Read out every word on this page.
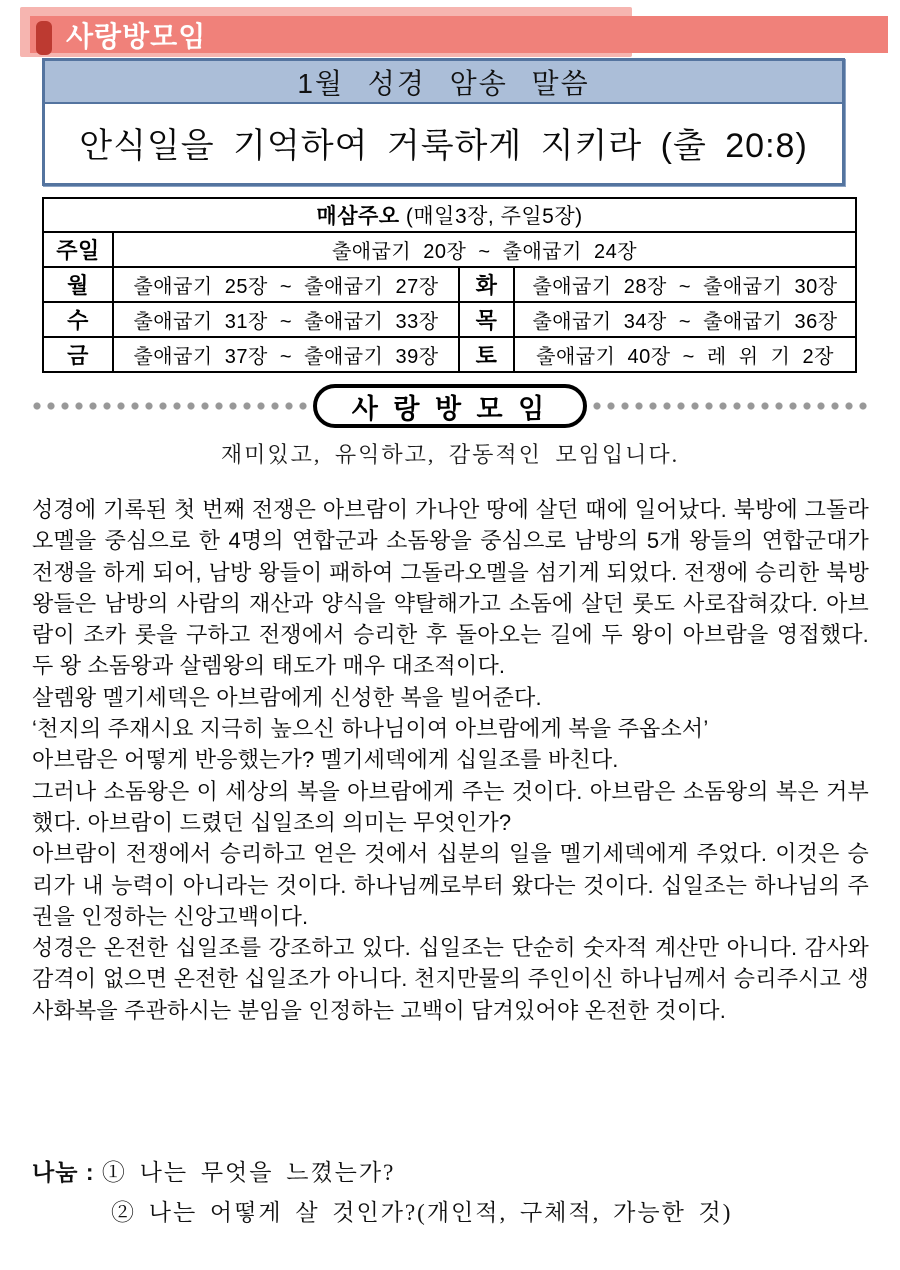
사랑방모임
1월 성경 암송 말씀
안식일을 기억하여 거룩하게 지키라 (출 20:8)
매삼주오 (매일3장, 주일5장)			
주일	출애굽기 20장 ~ 출애굽기 24장		
월	출애굽기 25장 ~ 출애굽기 27장	화	출애굽기 28장 ~ 출애굽기 30장
수	출애굽기 31장 ~ 출애굽기 33장	목	출애굽기 34장 ~ 출애굽기 36장
금	출애굽기 37장 ~ 출애굽기 39장	토	출애굽기 40장 ~ 레 위 기 2장
사 랑 방 모 임
재미있고, 유익하고, 감동적인 모임입니다.

성경에 기록된 첫 번째 전쟁은 아브람이 가나안 땅에 살던 때에 일어났다. 북방에 그돌라오멜을 중심으로 한 4명의 연합군과 소돔왕을 중심으로 남방의 5개 왕들의 연합군대가 전쟁을 하게 되어, 남방 왕들이 패하여 그돌라오멜을 섬기게 되었다. 전쟁에 승리한 북방 왕들은 남방의 사람의 재산과 양식을 약탈해가고 소돔에 살던 롯도 사로잡혀갔다. 아브람이 조카 롯을 구하고 전쟁에서 승리한 후 돌아오는 길에 두 왕이 아브람을 영접했다. 두 왕 소돔왕과 살렘왕의 태도가 매우 대조적이다.

살렘왕 멜기세덱은 아브람에게 신성한 복을 빌어준다.

‘천지의 주재시요 지극히 높으신 하나님이여 아브람에게 복을 주옵소서’

아브람은 어떻게 반응했는가? 멜기세덱에게 십일조를 바친다.

그러나 소돔왕은 이 세상의 복을 아브람에게 주는 것이다. 아브람은 소돔왕의 복은 거부했다. 아브람이 드렸던 십일조의 의미는 무엇인가?

아브람이 전쟁에서 승리하고 얻은 것에서 십분의 일을 멜기세덱에게 주었다. 이것은 승리가 내 능력이 아니라는 것이다. 하나님께로부터 왔다는 것이다. 십일조는 하나님의 주권을 인정하는 신앙고백이다.

성경은 온전한 십일조를 강조하고 있다. 십일조는 단순히 숫자적 계산만 아니다. 감사와 감격이 없으면 온전한 십일조가 아니다. 천지만물의 주인이신 하나님께서 승리주시고 생사화복을 주관하시는 분임을 인정하는 고백이 담겨있어야 온전한 것이다.

나눔 : ① 나는 무엇을 느꼈는가?
② 나는 어떻게 살 것인가?(개인적, 구체적, 가능한 것)
